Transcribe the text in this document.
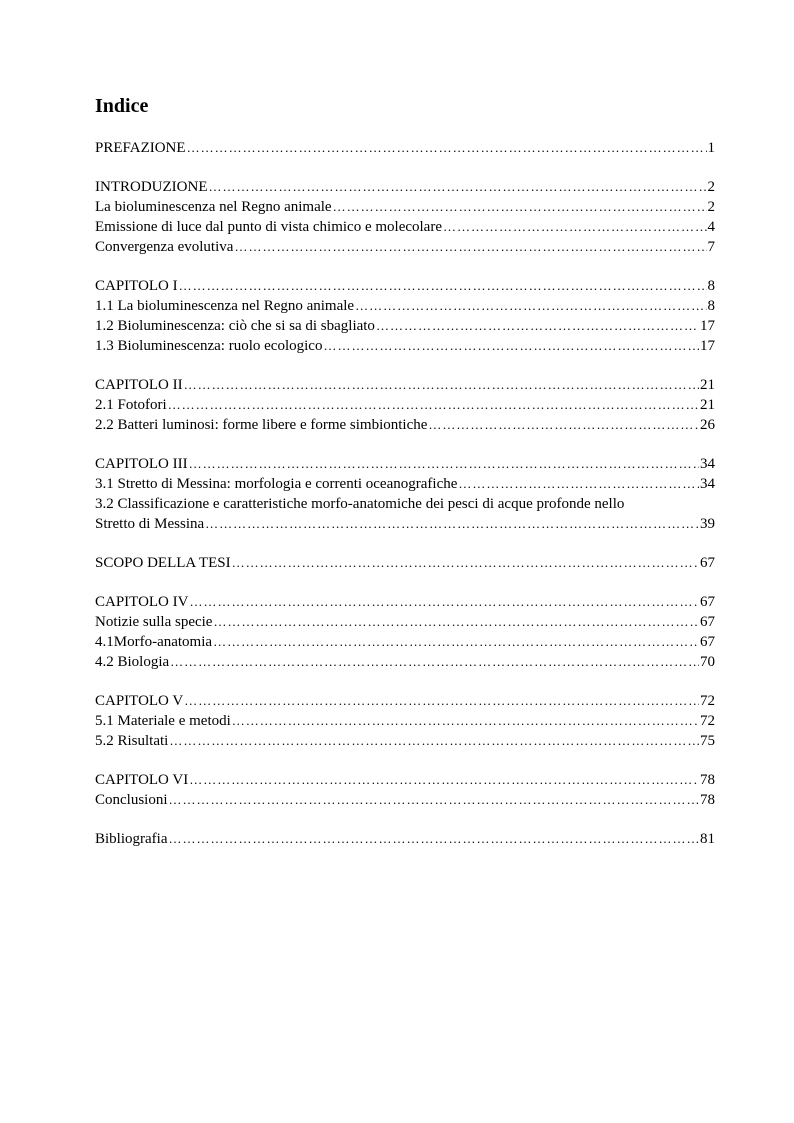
Indice
PREFAZIONE ………………………………………………………………………………………………………………………………………………	1
INTRODUZIONE ………………………………………………………………………………………………………………………………………………	2
La bioluminescenza nel Regno animale ………………………………………………………………………………………………………………………………………………	2
Emissione di luce dal punto di vista chimico e molecolare ………………………………………………………………………………………………………………………………………………	4
Convergenza evolutiva ………………………………………………………………………………………………………………………………………………	7
CAPITOLO I ………………………………………………………………………………………………………………………………………………	8
1.1 La bioluminescenza nel Regno animale ………………………………………………………………………………………………………………………………………………	8
1.2 Bioluminescenza: ciò che si sa di sbagliato ………………………………………………………………………………………………………………………………………………	17
1.3 Bioluminescenza: ruolo ecologico ………………………………………………………………………………………………………………………………………………	17
CAPITOLO II ………………………………………………………………………………………………………………………………………………	21
2.1 Fotofori ………………………………………………………………………………………………………………………………………………	21
2.2 Batteri luminosi: forme libere e forme simbiontiche ………………………………………………………………………………………………………………………………………………	26
CAPITOLO III ………………………………………………………………………………………………………………………………………………	34
3.1 Stretto di Messina: morfologia e correnti oceanografiche ………………………………………………………………………………………………………………………………………………	34
3.2 Classificazione e caratteristiche morfo-anatomiche dei pesci di acque profonde nello
Stretto di Messina ………………………………………………………………………………………………………………………………………………	39
SCOPO DELLA TESI ………………………………………………………………………………………………………………………………………………	67
CAPITOLO IV ………………………………………………………………………………………………………………………………………………	67
Notizie sulla specie ………………………………………………………………………………………………………………………………………………	67
4.1Morfo-anatomia ………………………………………………………………………………………………………………………………………………	67
4.2 Biologia ………………………………………………………………………………………………………………………………………………	70
CAPITOLO V ………………………………………………………………………………………………………………………………………………	72
5.1 Materiale e metodi ………………………………………………………………………………………………………………………………………………	72
5.2 Risultati ………………………………………………………………………………………………………………………………………………	75
CAPITOLO VI ………………………………………………………………………………………………………………………………………………	78
Conclusioni ………………………………………………………………………………………………………………………………………………	78
Bibliografia ………………………………………………………………………………………………………………………………………………	81
